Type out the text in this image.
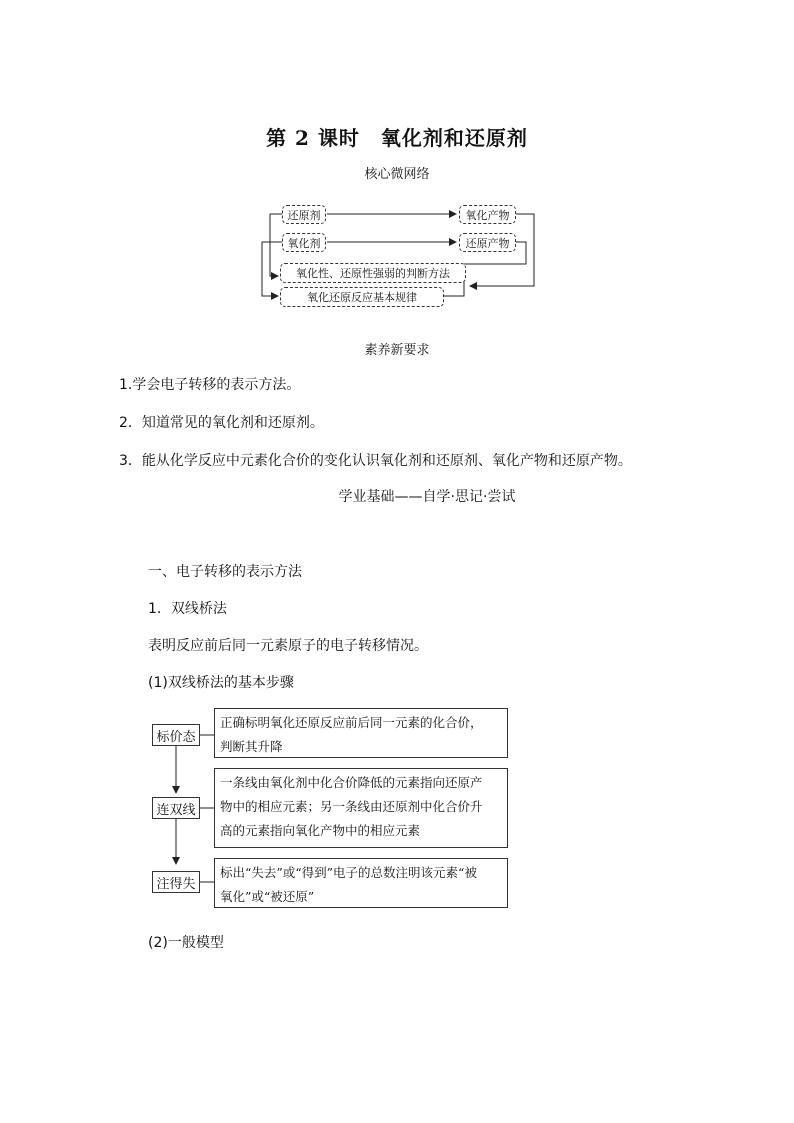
第 2 课时　氧化剂和还原剂
核心微网络
还原剂	氧化产物
氧化剂	还原产物
氧化性、还原性强弱的判断方法
氧化还原反应基本规律
素养新要求
1.学会电子转移的表示方法。
2．知道常见的氧化剂和还原剂。
3．能从化学反应中元素化合价的变化认识氧化剂和还原剂、氧化产物和还原产物。
学业基础——自学·思记·尝试
一、电子转移的表示方法
1．双线桥法
表明反应前后同一元素原子的电子转移情况。
(1)双线桥法的基本步骤
标价态
连双线
注得失
正确标明氧化还原反应前后同一元素的化合价，
判断其升降
一条线由氧化剂中化合价降低的元素指向还原产
物中的相应元素；另一条线由还原剂中化合价升
高的元素指向氧化产物中的相应元素
标出“失去”或“得到”电子的总数注明该元素“被
氧化”或“被还原”
(2)一般模型
